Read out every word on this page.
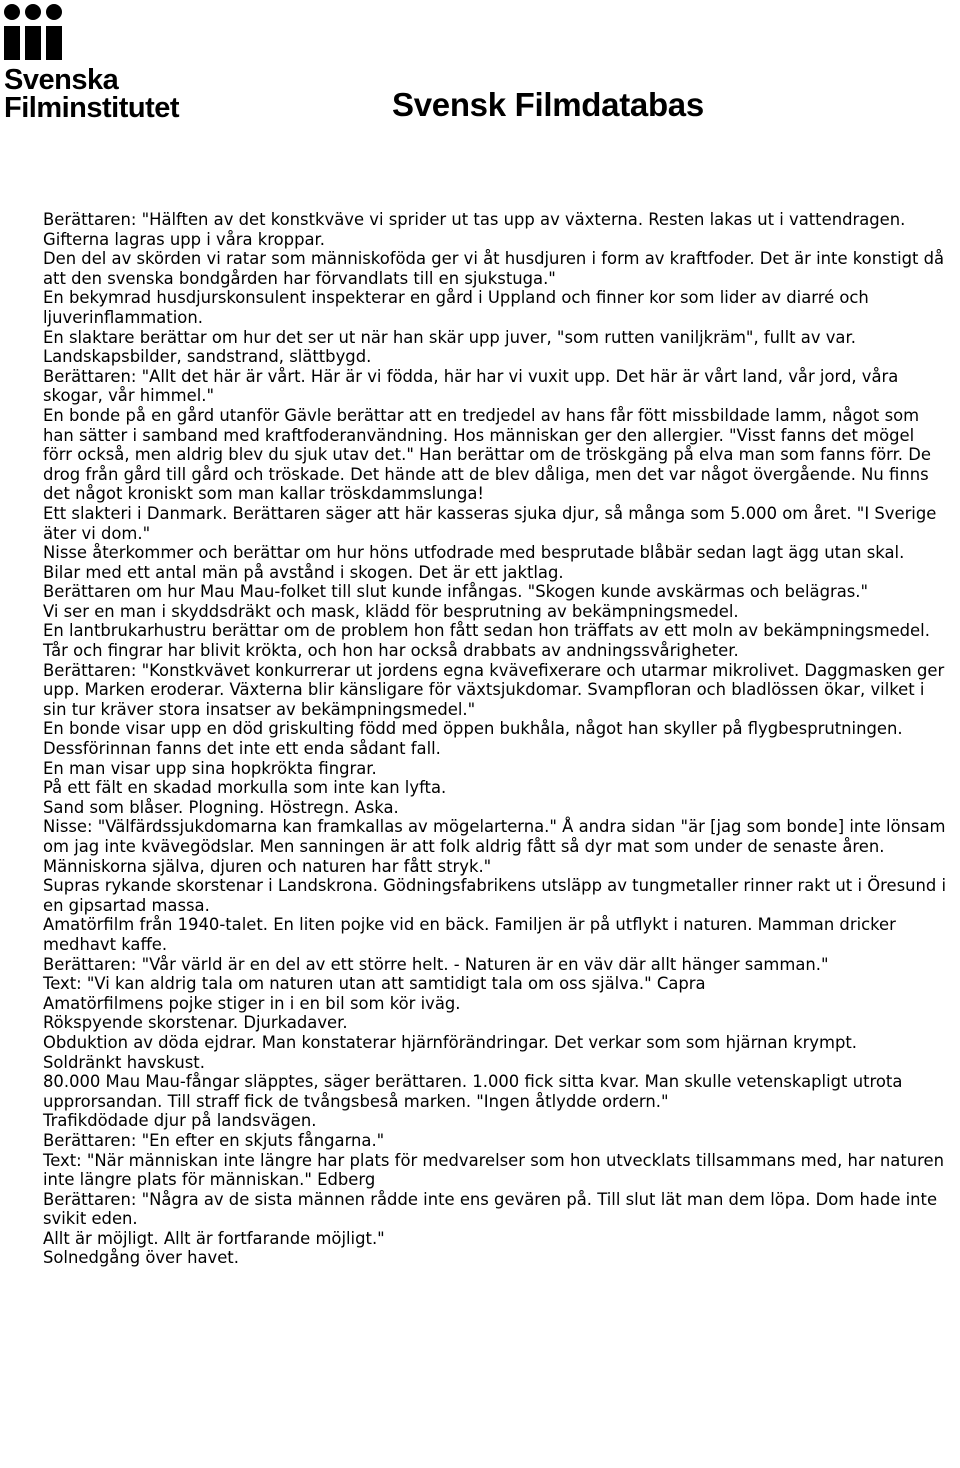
Svenska
Filminstitutet	Svensk Filmdatabas
Berättaren: "Hälften av det konstkväve vi sprider ut tas upp av växterna. Resten lakas ut i vattendragen.
Gifterna lagras upp i våra kroppar.
Den del av skörden vi ratar som människoföda ger vi åt husdjuren i form av kraftfoder. Det är inte konstigt då att den svenska bondgården har förvandlats till en sjukstuga."
En bekymrad husdjurskonsulent inspekterar en gård i Uppland och finner kor som lider av diarré och ljuverinflammation.
En slaktare berättar om hur det ser ut när han skär upp juver, "som rutten vaniljkräm", fullt av var.
Landskapsbilder, sandstrand, slättbygd.
Berättaren: "Allt det här är vårt. Här är vi födda, här har vi vuxit upp. Det här är vårt land, vår jord, våra skogar, vår himmel."
En bonde på en gård utanför Gävle berättar att en tredjedel av hans får fött missbildade lamm, något som han sätter i samband med kraftfoderanvändning. Hos människan ger den allergier. "Visst fanns det mögel förr också, men aldrig blev du sjuk utav det." Han berättar om de tröskgäng på elva man som fanns förr. De drog från gård till gård och tröskade. Det hände att de blev dåliga, men det var något övergående. Nu finns det något kroniskt som man kallar tröskdammslunga!
Ett slakteri i Danmark. Berättaren säger att här kasseras sjuka djur, så många som 5.000 om året. "I Sverige äter vi dom."
Nisse återkommer och berättar om hur höns utfodrade med besprutade blåbär sedan lagt ägg utan skal.
Bilar med ett antal män på avstånd i skogen. Det är ett jaktlag.
Berättaren om hur Mau Mau-folket till slut kunde infångas. "Skogen kunde avskärmas och belägras."
Vi ser en man i skyddsdräkt och mask, klädd för besprutning av bekämpningsmedel.
En lantbrukarhustru berättar om de problem hon fått sedan hon träffats av ett moln av bekämpningsmedel. Tår och fingrar har blivit krökta, och hon har också drabbats av andningssvårigheter.
Berättaren: "Konstkvävet konkurrerar ut jordens egna kvävefixerare och utarmar mikrolivet. Daggmasken ger upp. Marken eroderar. Växterna blir känsligare för växtsjukdomar. Svampfloran och bladlössen ökar, vilket i sin tur kräver stora insatser av bekämpningsmedel."
En bonde visar upp en död griskulting född med öppen bukhåla, något han skyller på flygbesprutningen. Dessförinnan fanns det inte ett enda sådant fall.
En man visar upp sina hopkrökta fingrar.
På ett fält en skadad morkulla som inte kan lyfta.
Sand som blåser. Plogning. Höstregn. Aska.
Nisse: "Välfärdssjukdomarna kan framkallas av mögelarterna." Å andra sidan "är [jag som bonde] inte lönsam om jag inte kvävegödslar. Men sanningen är att folk aldrig fått så dyr mat som under de senaste åren. Människorna själva, djuren och naturen har fått stryk."
Supras rykande skorstenar i Landskrona. Gödningsfabrikens utsläpp av tungmetaller rinner rakt ut i Öresund i en gipsartad massa.
Amatörfilm från 1940-talet. En liten pojke vid en bäck. Familjen är på utflykt i naturen. Mamman dricker medhavt kaffe.
Berättaren: "Vår värld är en del av ett större helt. - Naturen är en väv där allt hänger samman."
Text: "Vi kan aldrig tala om naturen utan att samtidigt tala om oss själva." Capra
Amatörfilmens pojke stiger in i en bil som kör iväg.
Rökspyende skorstenar. Djurkadaver.
Obduktion av döda ejdrar. Man konstaterar hjärnförändringar. Det verkar som som hjärnan krympt.
Soldränkt havskust.
80.000 Mau Mau-fångar släpptes, säger berättaren. 1.000 fick sitta kvar. Man skulle vetenskapligt utrota upprorsandan. Till straff fick de tvångsbeså marken. "Ingen åtlydde ordern."
Trafikdödade djur på landsvägen.
Berättaren: "En efter en skjuts fångarna."
Text: "När människan inte längre har plats för medvarelser som hon utvecklats tillsammans med, har naturen inte längre plats för människan." Edberg
Berättaren: "Några av de sista männen rådde inte ens gevären på. Till slut lät man dem löpa. Dom hade inte svikit eden.
Allt är möjligt. Allt är fortfarande möjligt."
Solnedgång över havet.
